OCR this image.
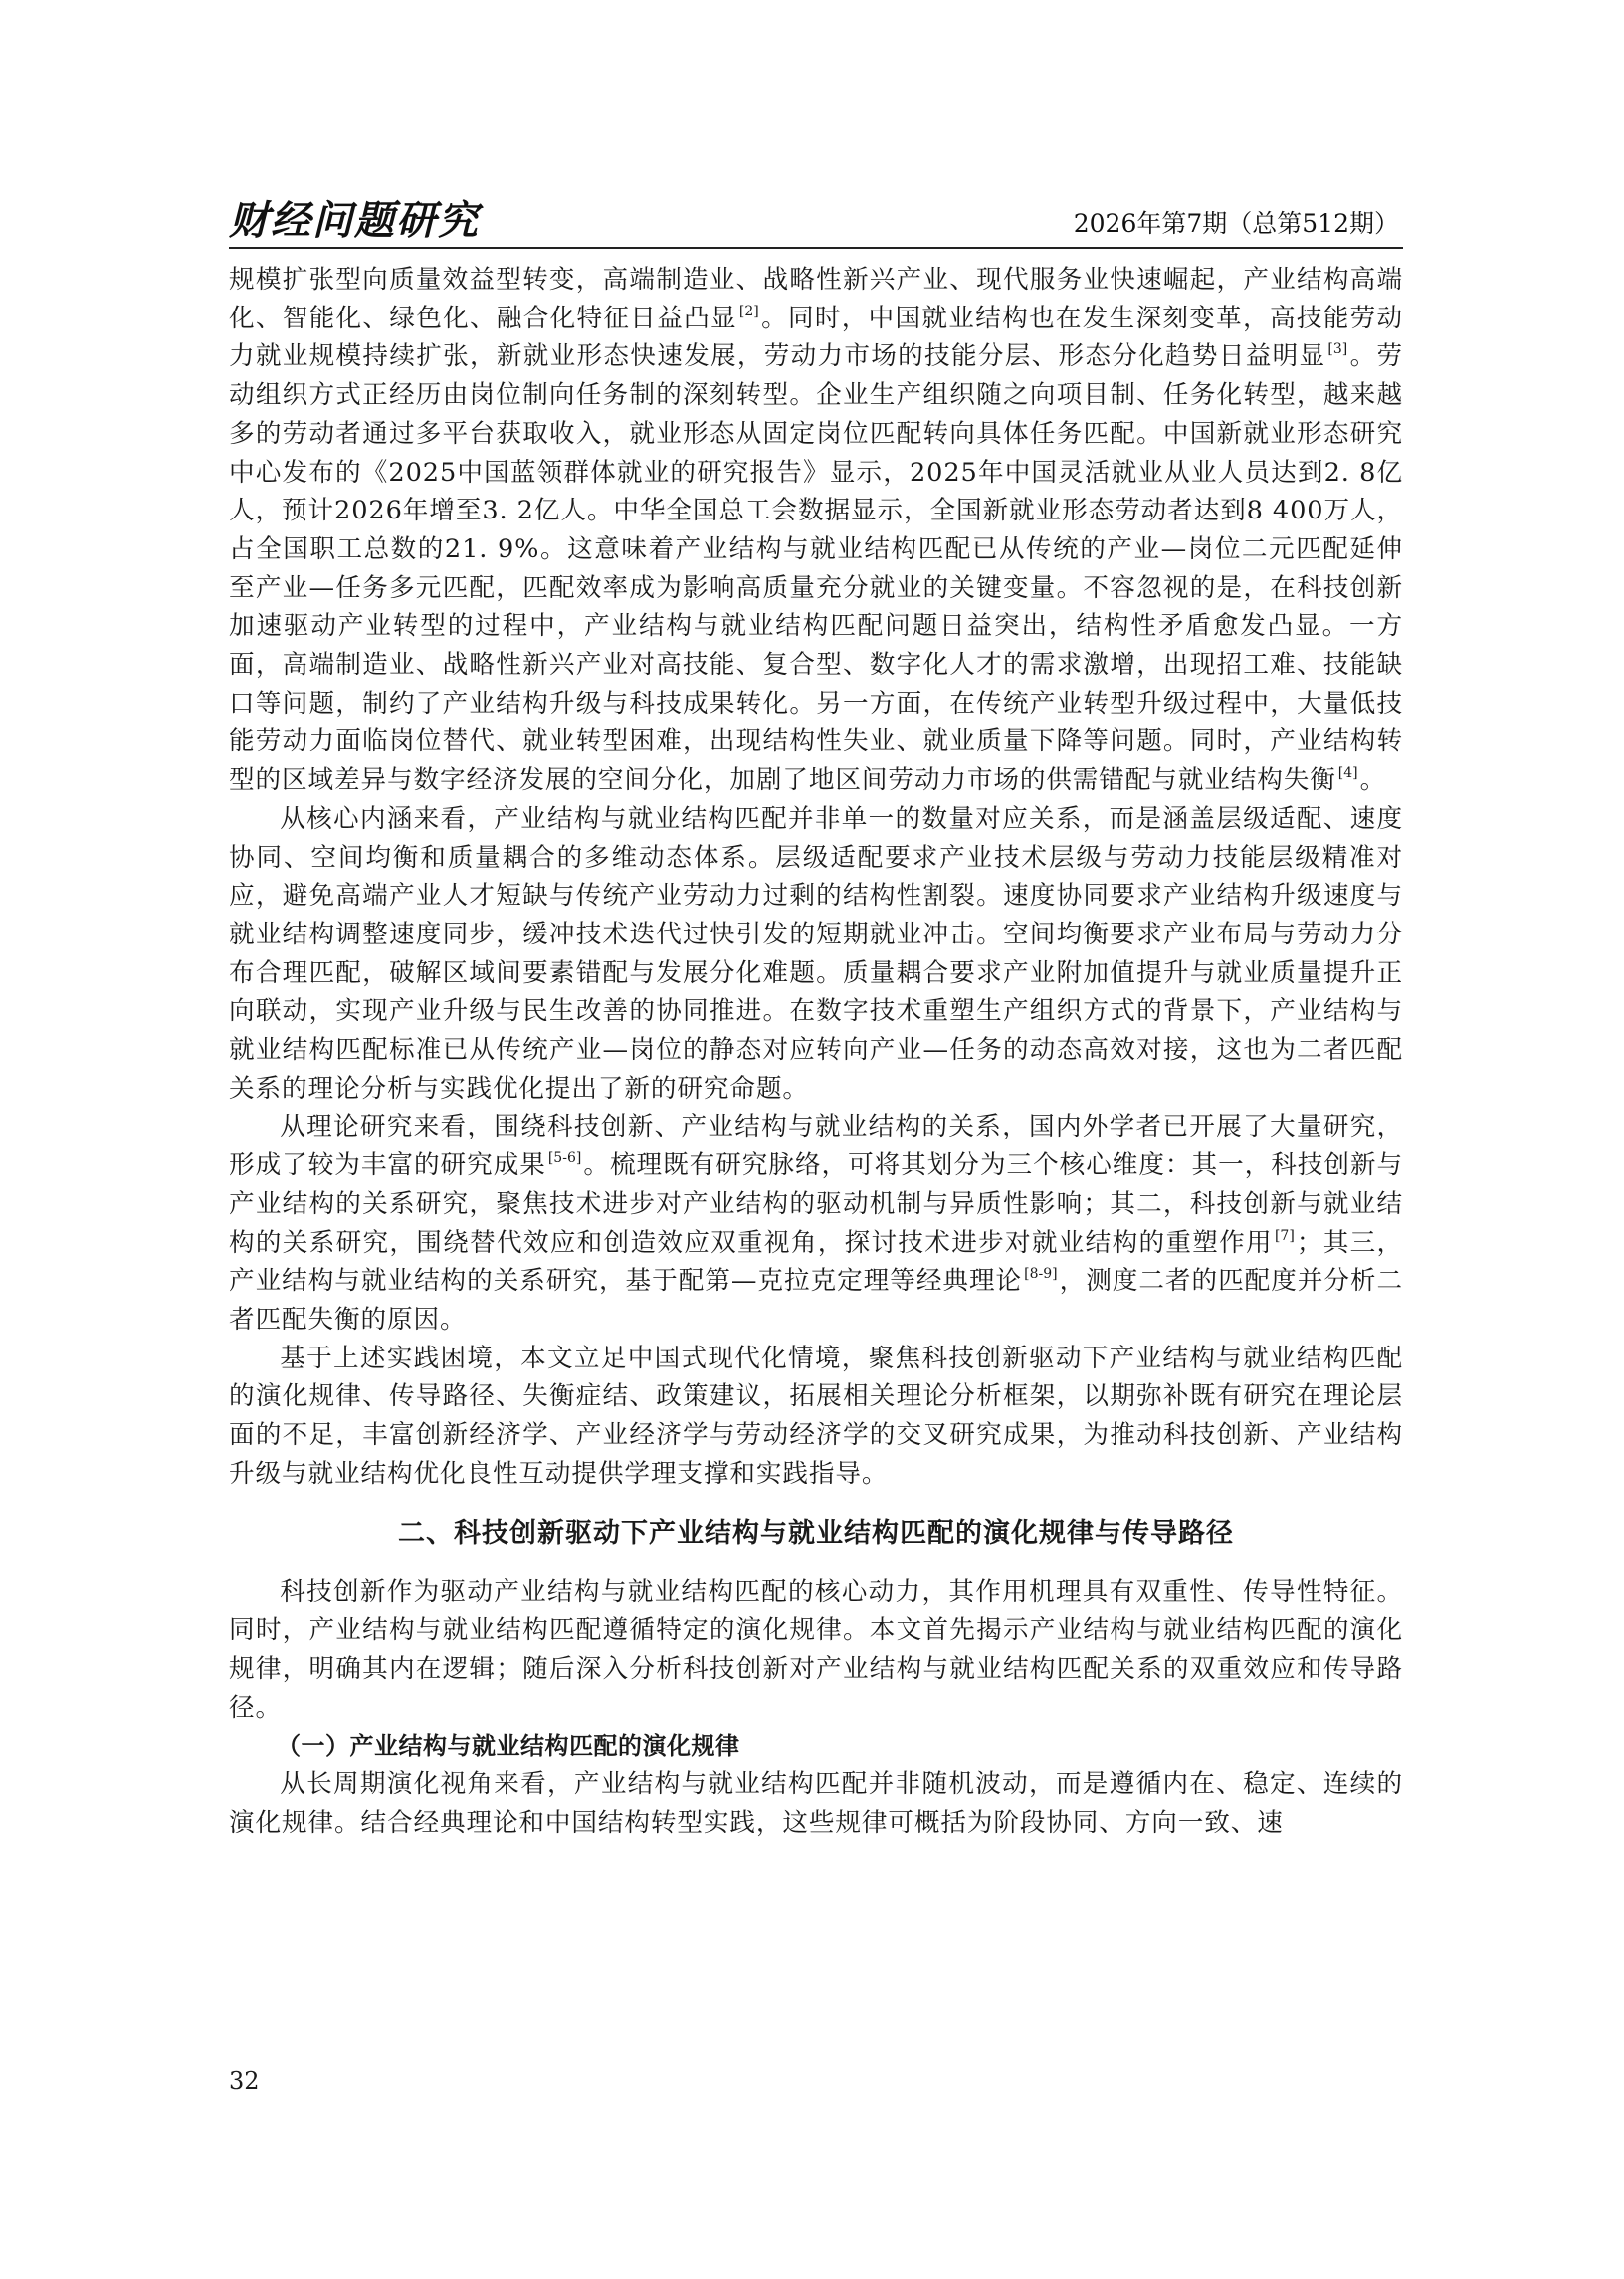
财经问题研究	2026年第7期（总第512期）

规模扩张型向质量效益型转变，高端制造业、战略性新兴产业、现代服务业快速崛起，产业结构高端化、智能化、绿色化、融合化特征日益凸显 [2]。同时，中国就业结构也在发生深刻变革，高技能劳动力就业规模持续扩张，新就业形态快速发展，劳动力市场的技能分层、形态分化趋势日益明显 [3]。劳动组织方式正经历由岗位制向任务制的深刻转型。企业生产组织随之向项目制、任务化转型，越来越多的劳动者通过多平台获取收入，就业形态从固定岗位匹配转向具体任务匹配。中国新就业形态研究中心发布的《2025中国蓝领群体就业的研究报告》显示，2025年中国灵活就业从业人员达到2. 8亿人，预计2026年增至3. 2亿人。中华全国总工会数据显示，全国新就业形态劳动者达到8 400万人，占全国职工总数的21. 9%。这意味着产业结构与就业结构匹配已从传统的产业—岗位二元匹配延伸至产业—任务多元匹配，匹配效率成为影响高质量充分就业的关键变量。不容忽视的是，在科技创新加速驱动产业转型的过程中，产业结构与就业结构匹配问题日益突出，结构性矛盾愈发凸显。一方面，高端制造业、战略性新兴产业对高技能、复合型、数字化人才的需求激增，出现招工难、技能缺口等问题，制约了产业结构升级与科技成果转化。另一方面，在传统产业转型升级过程中，大量低技能劳动力面临岗位替代、就业转型困难，出现结构性失业、就业质量下降等问题。同时，产业结构转型的区域差异与数字经济发展的空间分化，加剧了地区间劳动力市场的供需错配与就业结构失衡 [4]。

从核心内涵来看，产业结构与就业结构匹配并非单一的数量对应关系，而是涵盖层级适配、速度协同、空间均衡和质量耦合的多维动态体系。层级适配要求产业技术层级与劳动力技能层级精准对应，避免高端产业人才短缺与传统产业劳动力过剩的结构性割裂。速度协同要求产业结构升级速度与就业结构调整速度同步，缓冲技术迭代过快引发的短期就业冲击。空间均衡要求产业布局与劳动力分布合理匹配，破解区域间要素错配与发展分化难题。质量耦合要求产业附加值提升与就业质量提升正向联动，实现产业升级与民生改善的协同推进。在数字技术重塑生产组织方式的背景下，产业结构与就业结构匹配标准已从传统产业—岗位的静态对应转向产业—任务的动态高效对接，这也为二者匹配关系的理论分析与实践优化提出了新的研究命题。

从理论研究来看，围绕科技创新、产业结构与就业结构的关系，国内外学者已开展了大量研究，形成了较为丰富的研究成果 [5-6]。梳理既有研究脉络，可将其划分为三个核心维度：其一，科技创新与产业结构的关系研究，聚焦技术进步对产业结构的驱动机制与异质性影响；其二，科技创新与就业结构的关系研究，围绕替代效应和创造效应双重视角，探讨技术进步对就业结构的重塑作用 [7]；其三，产业结构与就业结构的关系研究，基于配第—克拉克定理等经典理论 [8-9]，测度二者的匹配度并分析二者匹配失衡的原因。

基于上述实践困境，本文立足中国式现代化情境，聚焦科技创新驱动下产业结构与就业结构匹配的演化规律、传导路径、失衡症结、政策建议，拓展相关理论分析框架，以期弥补既有研究在理论层面的不足，丰富创新经济学、产业经济学与劳动经济学的交叉研究成果，为推动科技创新、产业结构升级与就业结构优化良性互动提供学理支撑和实践指导。

二、科技创新驱动下产业结构与就业结构匹配的演化规律与传导路径

科技创新作为驱动产业结构与就业结构匹配的核心动力，其作用机理具有双重性、传导性特征。同时，产业结构与就业结构匹配遵循特定的演化规律。本文首先揭示产业结构与就业结构匹配的演化规律，明确其内在逻辑；随后深入分析科技创新对产业结构与就业结构匹配关系的双重效应和传导路径。

（一）产业结构与就业结构匹配的演化规律

从长周期演化视角来看，产业结构与就业结构匹配并非随机波动，而是遵循内在、稳定、连续的演化规律。结合经典理论和中国结构转型实践，这些规律可概括为阶段协同、方向一致、速

32
